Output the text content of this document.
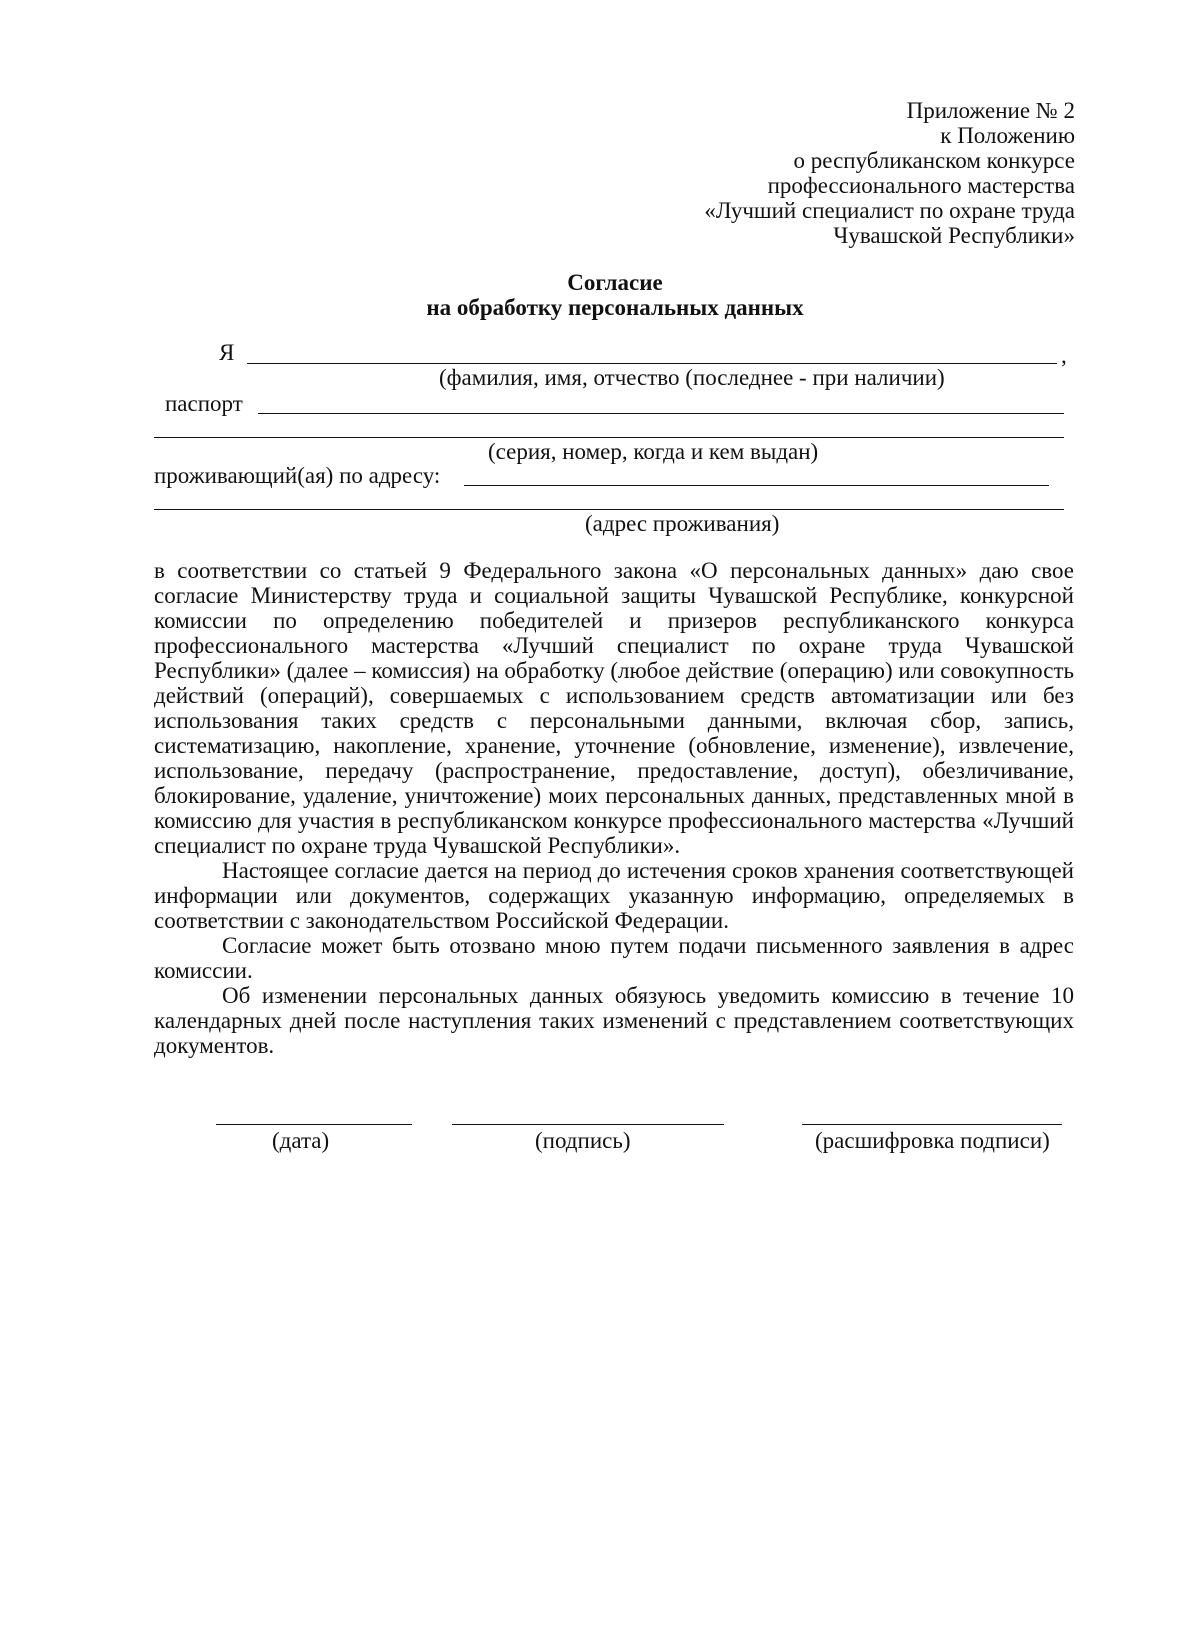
Приложение № 2
к Положению
о республиканском конкурсе
профессионального мастерства
«Лучший специалист по охране труда
Чувашской Республики»
Согласие
на обработку персональных данных
Я	,
(фамилия, имя, отчество (последнее - при наличии)
паспорт
(серия, номер, когда и кем выдан)
проживающий(ая) по адресу:
(адрес проживания)

в соответствии со статьей 9 Федерального закона «О персональных данных» даю свое согласие Министерству труда и социальной защиты Чувашской Республике, конкурсной комиссии по определению победителей и призеров республиканского конкурса профессионального мастерства «Лучший специалист по охране труда Чувашской Республики» (далее – комиссия) на обработку (любое действие (операцию) или совокупность действий (операций), совершаемых с использованием средств автоматизации или без использования таких средств с персональными данными, включая сбор, запись, систематизацию, накопление, хранение, уточнение (обновление, изменение), извлечение, использование, передачу (распространение, предоставление, доступ), обезличивание, блокирование, удаление, уничтожение) моих персональных данных, представленных мной в комиссию для участия в республиканском конкурсе профессионального мастерства «Лучший специалист по охране труда Чувашской Республики».

Настоящее согласие дается на период до истечения сроков хранения соответствующей информации или документов, содержащих указанную информацию, определяемых в соответствии с законодательством Российской Федерации.

Согласие может быть отозвано мною путем подачи письменного заявления в адрес комиссии.

Об изменении персональных данных обязуюсь уведомить комиссию в течение 10 календарных дней после наступления таких изменений с представлением соответствующих документов.

(дата)	(подпись)	(расшифровка подписи)
